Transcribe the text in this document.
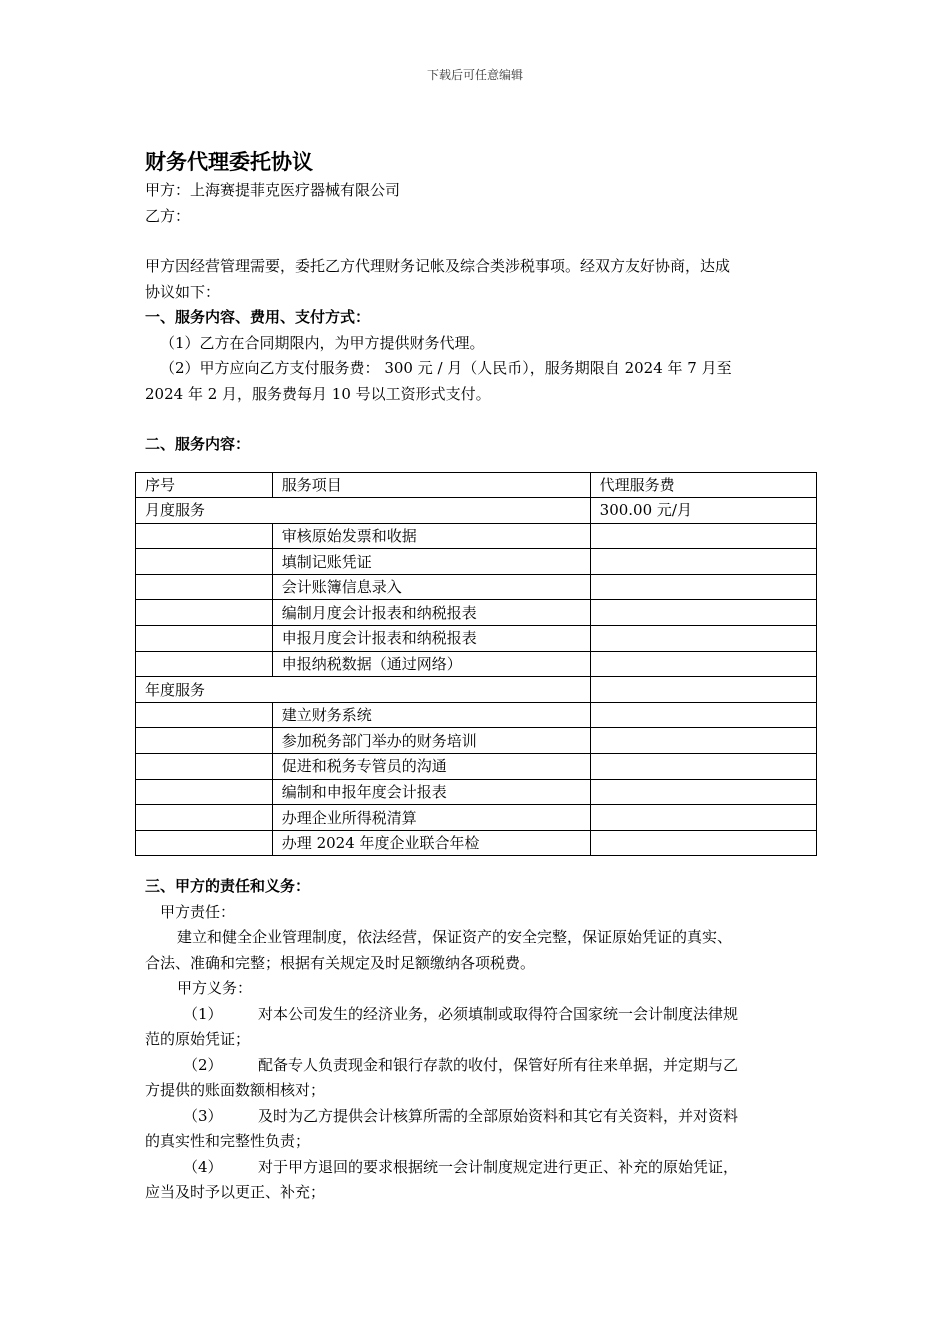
下载后可任意编辑

财务代理委托协议

甲方：上海赛提菲克医疗器械有限公司

乙方：

甲方因经营管理需要，委托乙方代理财务记帐及综合类涉税事项。经双方友好协商，达成

协议如下：

一、服务内容、费用、支付方式：

（1）乙方在合同期限内，为甲方提供财务代理。

（2）甲方应向乙方支付服务费： 300 元 / 月（人民币），服务期限自 2024 年 7 月至

2024 年 2 月，服务费每月 10 号以工资形式支付。

二、服务内容：

序号	服务项目	代理服务费
月度服务		300.00 元/月
	审核原始发票和收据	
	填制记账凭证	
	会计账簿信息录入	
	编制月度会计报表和纳税报表	
	申报月度会计报表和纳税报表	
	申报纳税数据（通过网络）	
年度服务		
	建立财务系统	
	参加税务部门举办的财务培训	
	促进和税务专管员的沟通	
	编制和申报年度会计报表	
	办理企业所得税清算	
	办理 2024 年度企业联合年检	

三、甲方的责任和义务：

甲方责任：

建立和健全企业管理制度，依法经营，保证资产的安全完整，保证原始凭证的真实、

合法、准确和完整；根据有关规定及时足额缴纳各项税费。

甲方义务：

（1）	对本公司发生的经济业务，必须填制或取得符合国家统一会计制度法律规
范的原始凭证；
（2）	配备专人负责现金和银行存款的收付，保管好所有往来单据，并定期与乙
方提供的账面数额相核对；
（3）	及时为乙方提供会计核算所需的全部原始资料和其它有关资料，并对资料
的真实性和完整性负责；
（4）	对于甲方退回的要求根据统一会计制度规定进行更正、补充的原始凭证，
应当及时予以更正、补充；
